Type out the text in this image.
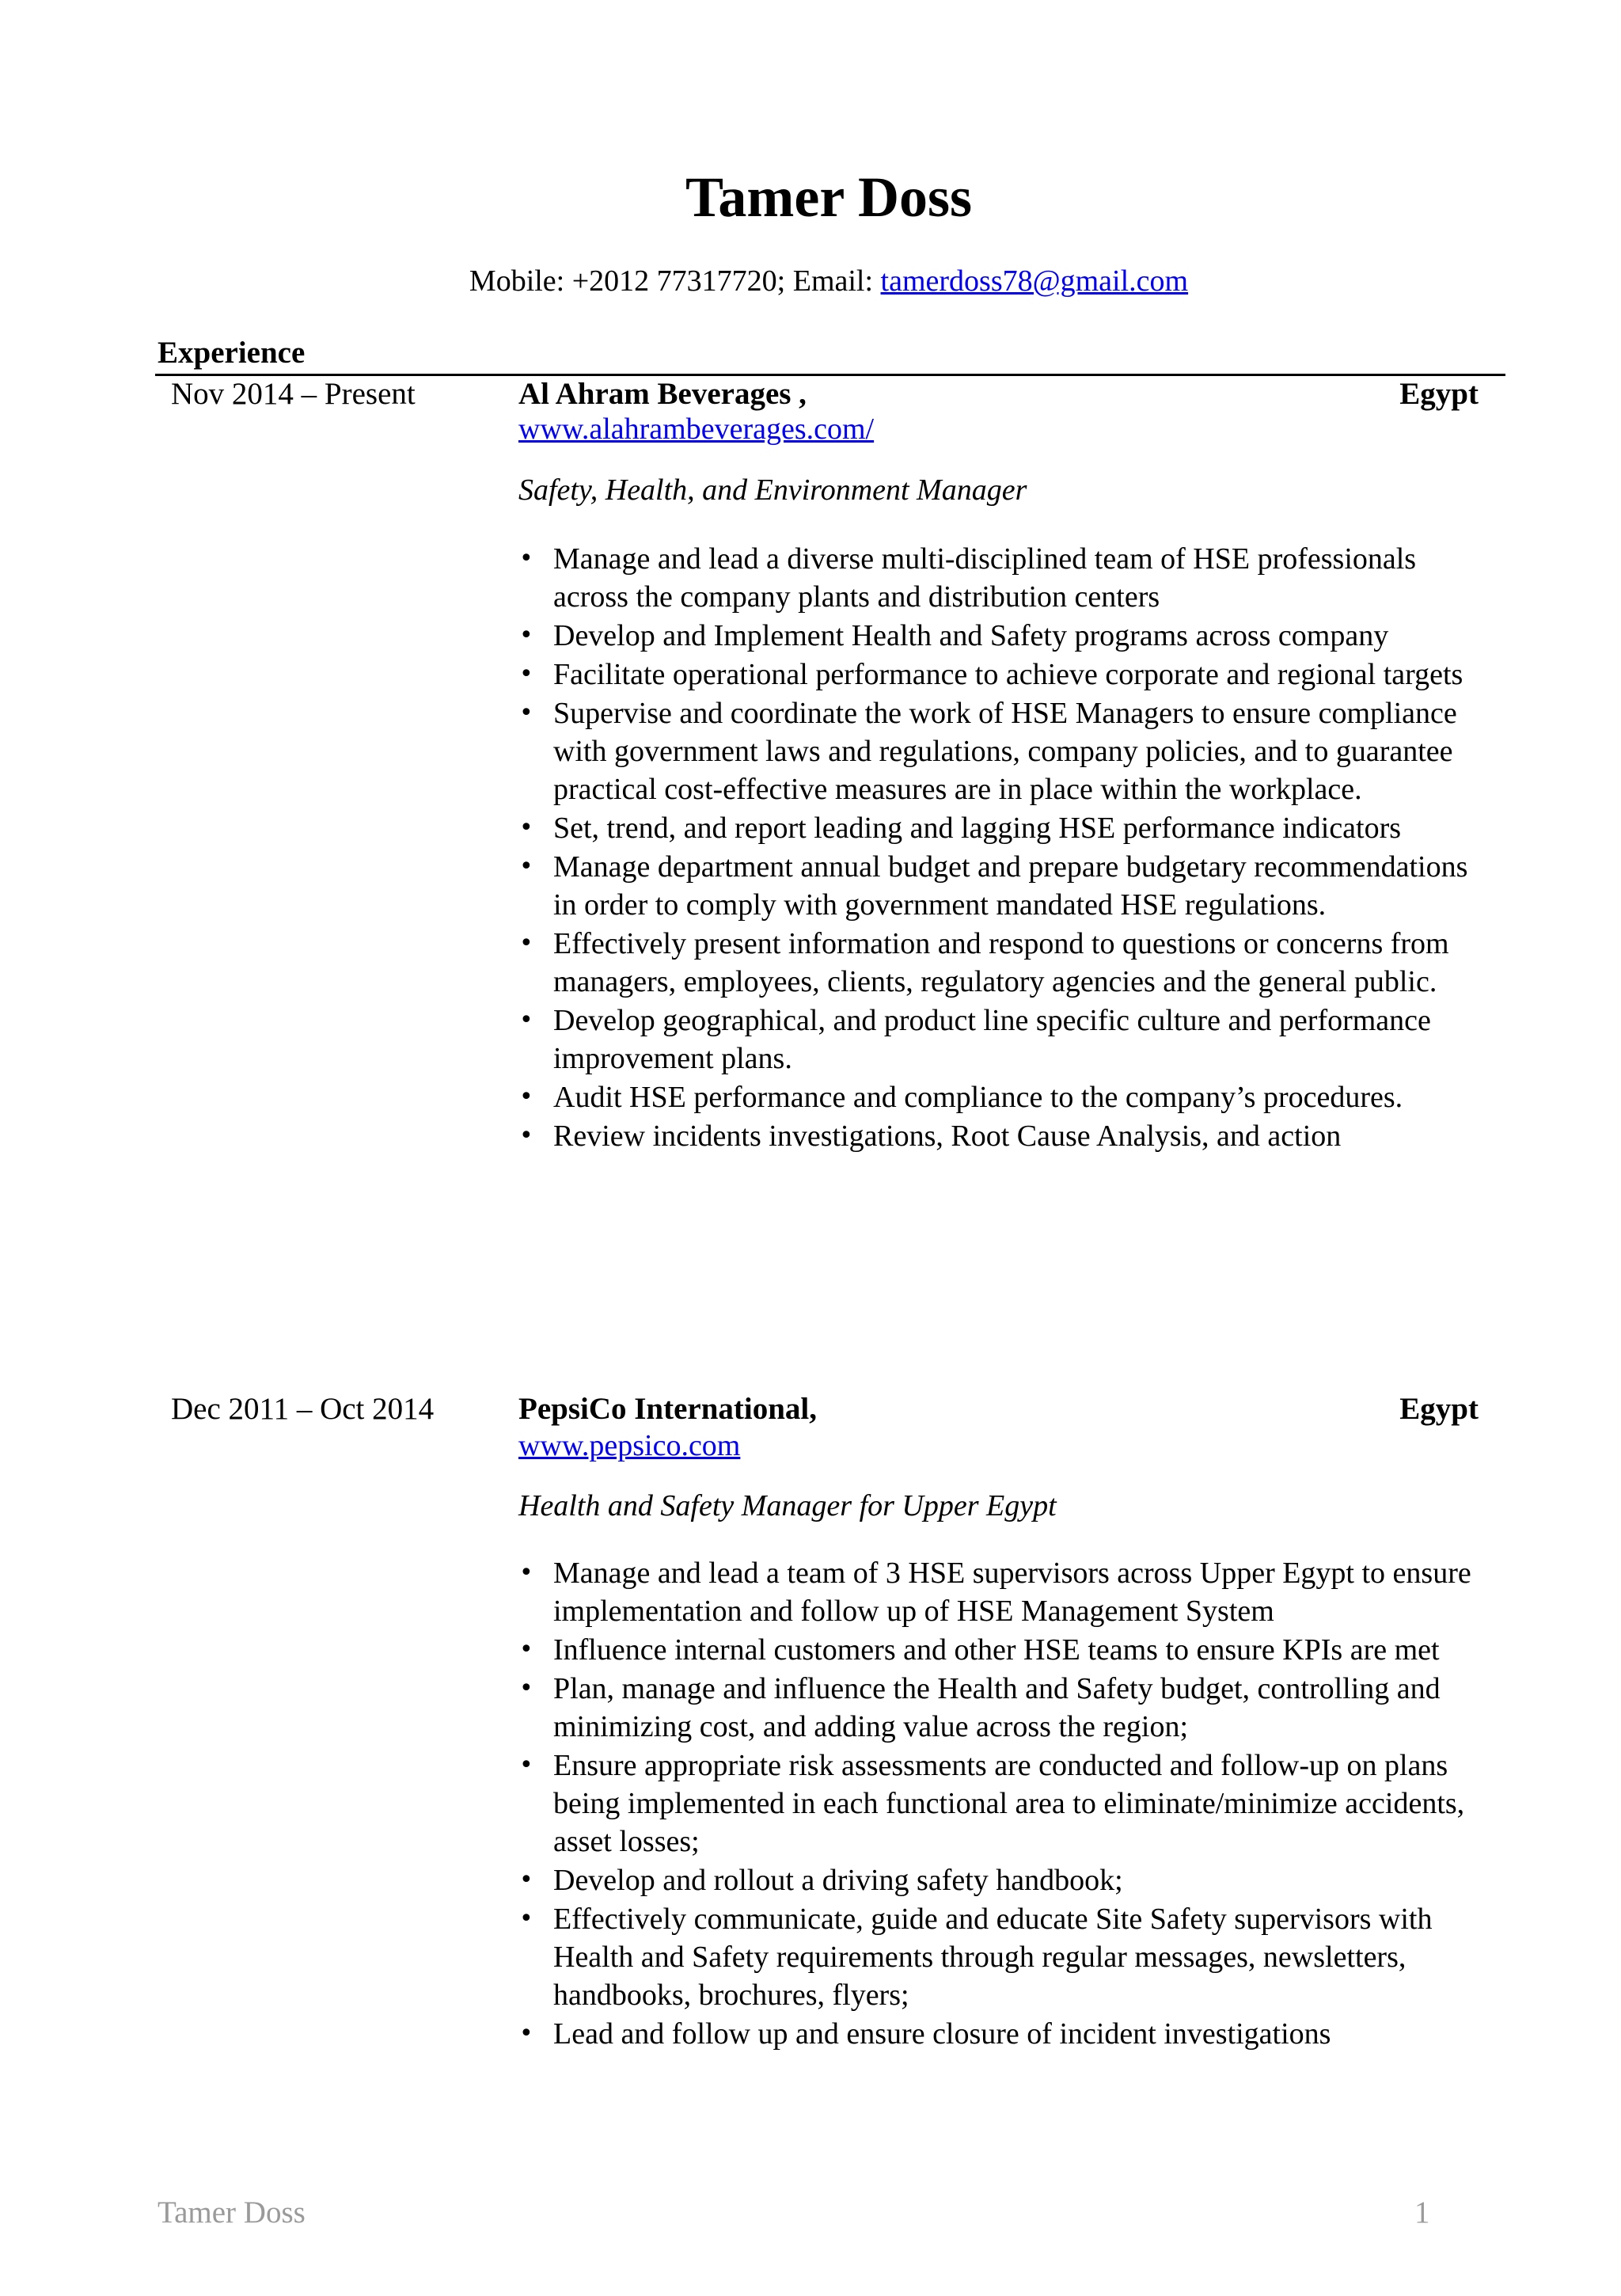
Tamer Doss
Mobile: +2012 77317720; Email: tamerdoss78@gmail.com
Experience
Nov 2014 – Present	Al Ahram Beverages ,	Egypt
www.alahrambeverages.com/
Safety, Health, and Environment Manager
• Manage and lead a diverse multi-disciplined team of HSE professionals across the company plants and distribution centers
• Develop and Implement Health and Safety programs across company
• Facilitate operational performance to achieve corporate and regional targets
• Supervise and coordinate the work of HSE Managers to ensure compliance with government laws and regulations, company policies, and to guarantee practical cost-effective measures are in place within the workplace.
• Set, trend, and report leading and lagging HSE performance indicators
• Manage department annual budget and prepare budgetary recommendations in order to comply with government mandated HSE regulations.
• Effectively present information and respond to questions or concerns from managers, employees, clients, regulatory agencies and the general public.
• Develop geographical, and product line specific culture and performance improvement plans.
• Audit HSE performance and compliance to the company’s procedures.
• Review incidents investigations, Root Cause Analysis, and action
Dec 2011 – Oct 2014	PepsiCo International,	Egypt
www.pepsico.com
Health and Safety Manager for Upper Egypt
• Manage and lead a team of 3 HSE supervisors across Upper Egypt to ensure implementation and follow up of HSE Management System
• Influence internal customers and other HSE teams to ensure KPIs are met
• Plan, manage and influence the Health and Safety budget, controlling and minimizing cost, and adding value across the region;
• Ensure appropriate risk assessments are conducted and follow-up on plans being implemented in each functional area to eliminate/minimize accidents, asset losses;
• Develop and rollout a driving safety handbook;
• Effectively communicate, guide and educate Site Safety supervisors with Health and Safety requirements through regular messages, newsletters, handbooks, brochures, flyers;
• Lead and follow up and ensure closure of incident investigations
Tamer Doss	1
